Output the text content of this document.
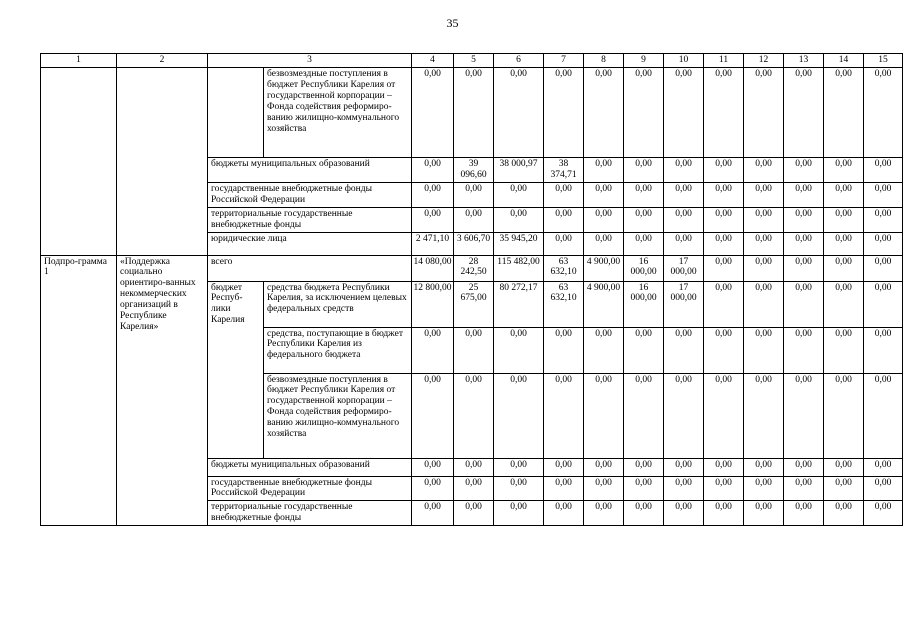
35
1	2	3		4	5	6	7	8	9	10	11	12	13	14	15
			безвозмездные поступления в бюджет Республики Карелия от государственной корпорации – Фонда содействия реформиро-ванию жилищно-коммунального хозяйства	0,00	0,00	0,00	0,00	0,00	0,00	0,00	0,00	0,00	0,00	0,00	0,00
		бюджеты муниципальных образований		0,00	39 096,60	38 000,97	38 374,71	0,00	0,00	0,00	0,00	0,00	0,00	0,00	0,00
		государственные внебюджетные фонды Российской Федерации		0,00	0,00	0,00	0,00	0,00	0,00	0,00	0,00	0,00	0,00	0,00	0,00
		территориальные государственные внебюджетные фонды		0,00	0,00	0,00	0,00	0,00	0,00	0,00	0,00	0,00	0,00	0,00	0,00
		юридические лица		2 471,10	3 606,70	35 945,20	0,00	0,00	0,00	0,00	0,00	0,00	0,00	0,00	0,00
Подпро-грамма 1	«Поддержка социально ориентиро-ванных некоммерческих организаций в Республике Карелия»	всего		14 080,00	28 242,50	115 482,00	63 632,10	4 900,00	16 000,00	17 000,00	0,00	0,00	0,00	0,00	0,00
		бюджет Респуб-лики Карелия	средства бюджета Республики Карелия, за исключением целевых федеральных средств	12 800,00	25 675,00	80 272,17	63 632,10	4 900,00	16 000,00	17 000,00	0,00	0,00	0,00	0,00	0,00
			средства, поступающие в бюджет Республики Карелия из федерального бюджета	0,00	0,00	0,00	0,00	0,00	0,00	0,00	0,00	0,00	0,00	0,00	0,00
			безвозмездные поступления в бюджет Республики Карелия от государственной корпорации – Фонда содействия реформиро-ванию жилищно-коммунального хозяйства	0,00	0,00	0,00	0,00	0,00	0,00	0,00	0,00	0,00	0,00	0,00	0,00
		бюджеты муниципальных образований		0,00	0,00	0,00	0,00	0,00	0,00	0,00	0,00	0,00	0,00	0,00	0,00
		государственные внебюджетные фонды Российской Федерации		0,00	0,00	0,00	0,00	0,00	0,00	0,00	0,00	0,00	0,00	0,00	0,00
		территориальные государственные внебюджетные фонды		0,00	0,00	0,00	0,00	0,00	0,00	0,00	0,00	0,00	0,00	0,00	0,00
